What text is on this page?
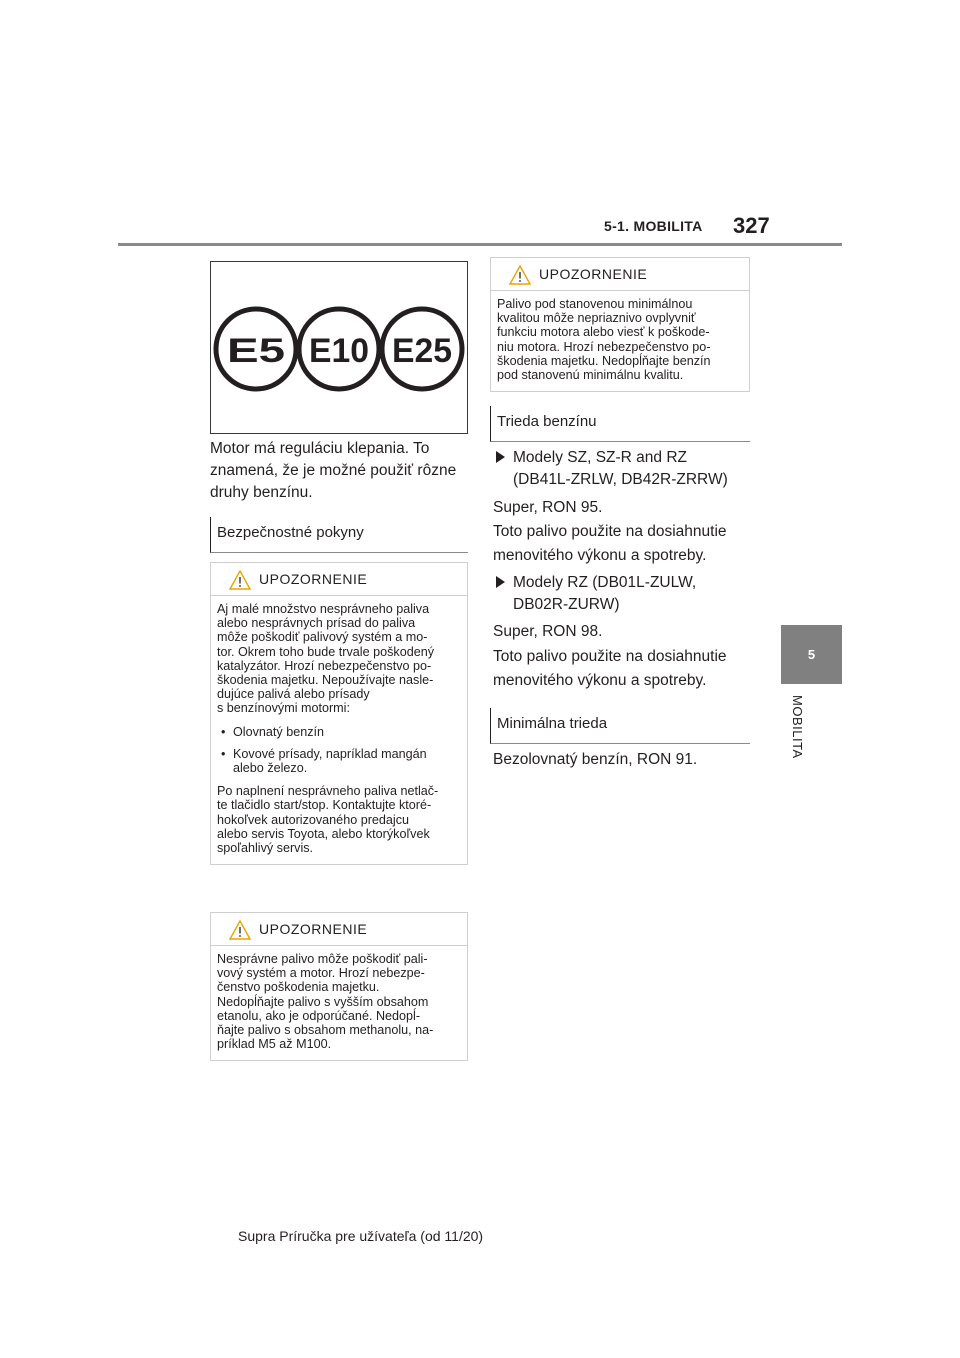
5-1. MOBILITA 327
5
MOBILITA
E5 E10 E25
Motor má reguláciu klepania. To
znamená, že je možné použiť rôzne
druhy benzínu.
Bezpečnostné pokyny
UPOZORNENIE

Aj malé množstvo nesprávneho paliva
alebo nesprávnych prísad do paliva
môže poškodiť palivový systém a mo-
tor. Okrem toho bude trvale poškodený
katalyzátor. Hrozí nebezpečenstvo po-
škodenia majetku. Nepoužívajte nasle-
dujúce palivá alebo prísady
s benzínovými motormi:

• Olovnatý benzín
• Kovové prísady, napríklad mangán
alebo železo.

Po naplnení nesprávneho paliva netlač-
te tlačidlo start/stop. Kontaktujte ktoré-
hokoľvek autorizovaného predajcu
alebo servis Toyota, alebo ktorýkoľvek
spoľahlivý servis.

UPOZORNENIE

Nesprávne palivo môže poškodiť pali-
vový systém a motor. Hrozí nebezpe-
čenstvo poškodenia majetku.
Nedopĺňajte palivo s vyšším obsahom
etanolu, ako je odporúčané. Nedopĺ-
ňajte palivo s obsahom methanolu, na-
príklad M5 až M100.

UPOZORNENIE

Palivo pod stanovenou minimálnou
kvalitou môže nepriaznivo ovplyvniť
funkciu motora alebo viesť k poškode-
niu motora. Hrozí nebezpečenstvo po-
škodenia majetku. Nedopĺňajte benzín
pod stanovenú minimálnu kvalitu.

Trieda benzínu
Modely SZ, SZ-R and RZ
(DB41L-ZRLW, DB42R-ZRRW)
Super, RON 95.
Toto palivo použite na dosiahnutie
menovitého výkonu a spotreby.
Modely RZ (DB01L-ZULW,
DB02R-ZURW)
Super, RON 98.
Toto palivo použite na dosiahnutie
menovitého výkonu a spotreby.
Minimálna trieda
Bezolovnatý benzín, RON 91.
Supra Príručka pre užívateľa (od 11/20)
